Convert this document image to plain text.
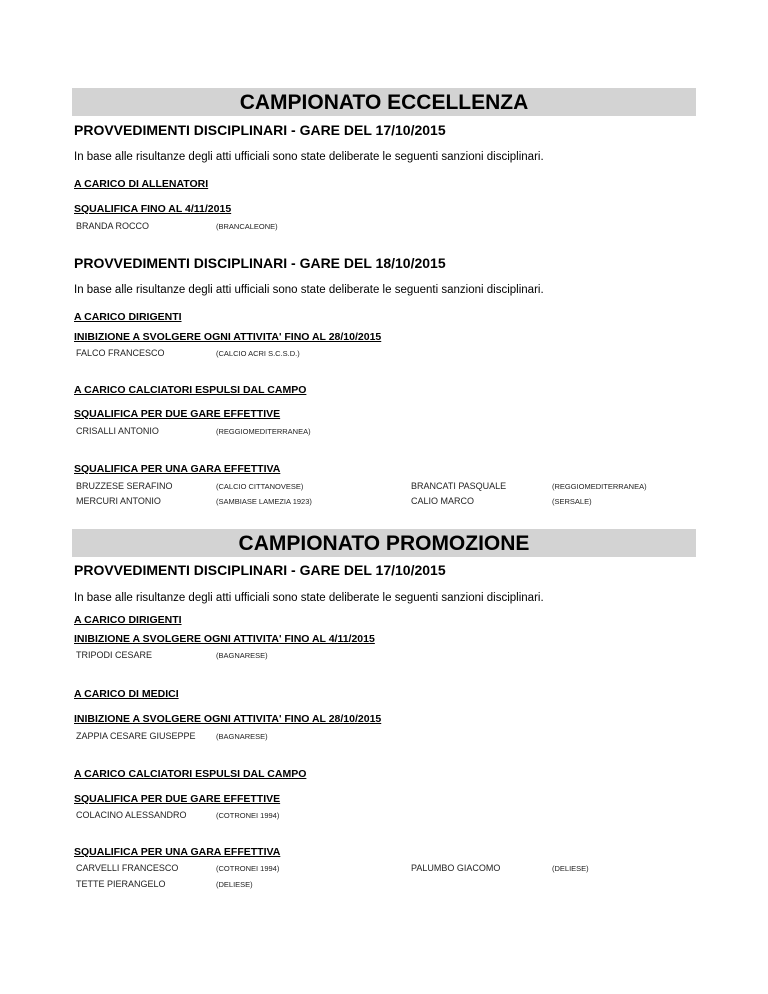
CAMPIONATO ECCELLENZA
PROVVEDIMENTI DISCIPLINARI - GARE DEL 17/10/2015
In base alle risultanze degli atti ufficiali sono state deliberate le seguenti sanzioni disciplinari.
A CARICO DI ALLENATORI
SQUALIFICA FINO AL 4/11/2015
BRANDA ROCCO	(BRANCALEONE)
PROVVEDIMENTI DISCIPLINARI - GARE DEL 18/10/2015
In base alle risultanze degli atti ufficiali sono state deliberate le seguenti sanzioni disciplinari.
A CARICO DIRIGENTI
INIBIZIONE A SVOLGERE OGNI ATTIVITA' FINO AL 28/10/2015
FALCO FRANCESCO	(CALCIO ACRI S.C.S.D.)
A CARICO CALCIATORI ESPULSI DAL CAMPO
SQUALIFICA PER DUE GARE EFFETTIVE
CRISALLI ANTONIO	(REGGIOMEDITERRANEA)
SQUALIFICA PER UNA GARA EFFETTIVA
BRUZZESE SERAFINO	(CALCIO CITTANOVESE)	BRANCATI PASQUALE	(REGGIOMEDITERRANEA)
MERCURI ANTONIO	(SAMBIASE LAMEZIA 1923)	CALIO MARCO	(SERSALE)
CAMPIONATO PROMOZIONE
PROVVEDIMENTI DISCIPLINARI - GARE DEL 17/10/2015
In base alle risultanze degli atti ufficiali sono state deliberate le seguenti sanzioni disciplinari.
A CARICO DIRIGENTI
INIBIZIONE A SVOLGERE OGNI ATTIVITA' FINO AL 4/11/2015
TRIPODI CESARE	(BAGNARESE)
A CARICO DI MEDICI
INIBIZIONE A SVOLGERE OGNI ATTIVITA' FINO AL 28/10/2015
ZAPPIA CESARE GIUSEPPE	(BAGNARESE)
A CARICO CALCIATORI ESPULSI DAL CAMPO
SQUALIFICA PER DUE GARE EFFETTIVE
COLACINO ALESSANDRO	(COTRONEI 1994)
SQUALIFICA PER UNA GARA EFFETTIVA
CARVELLI FRANCESCO	(COTRONEI 1994)	PALUMBO GIACOMO	(DELIESE)
TETTE PIERANGELO	(DELIESE)
